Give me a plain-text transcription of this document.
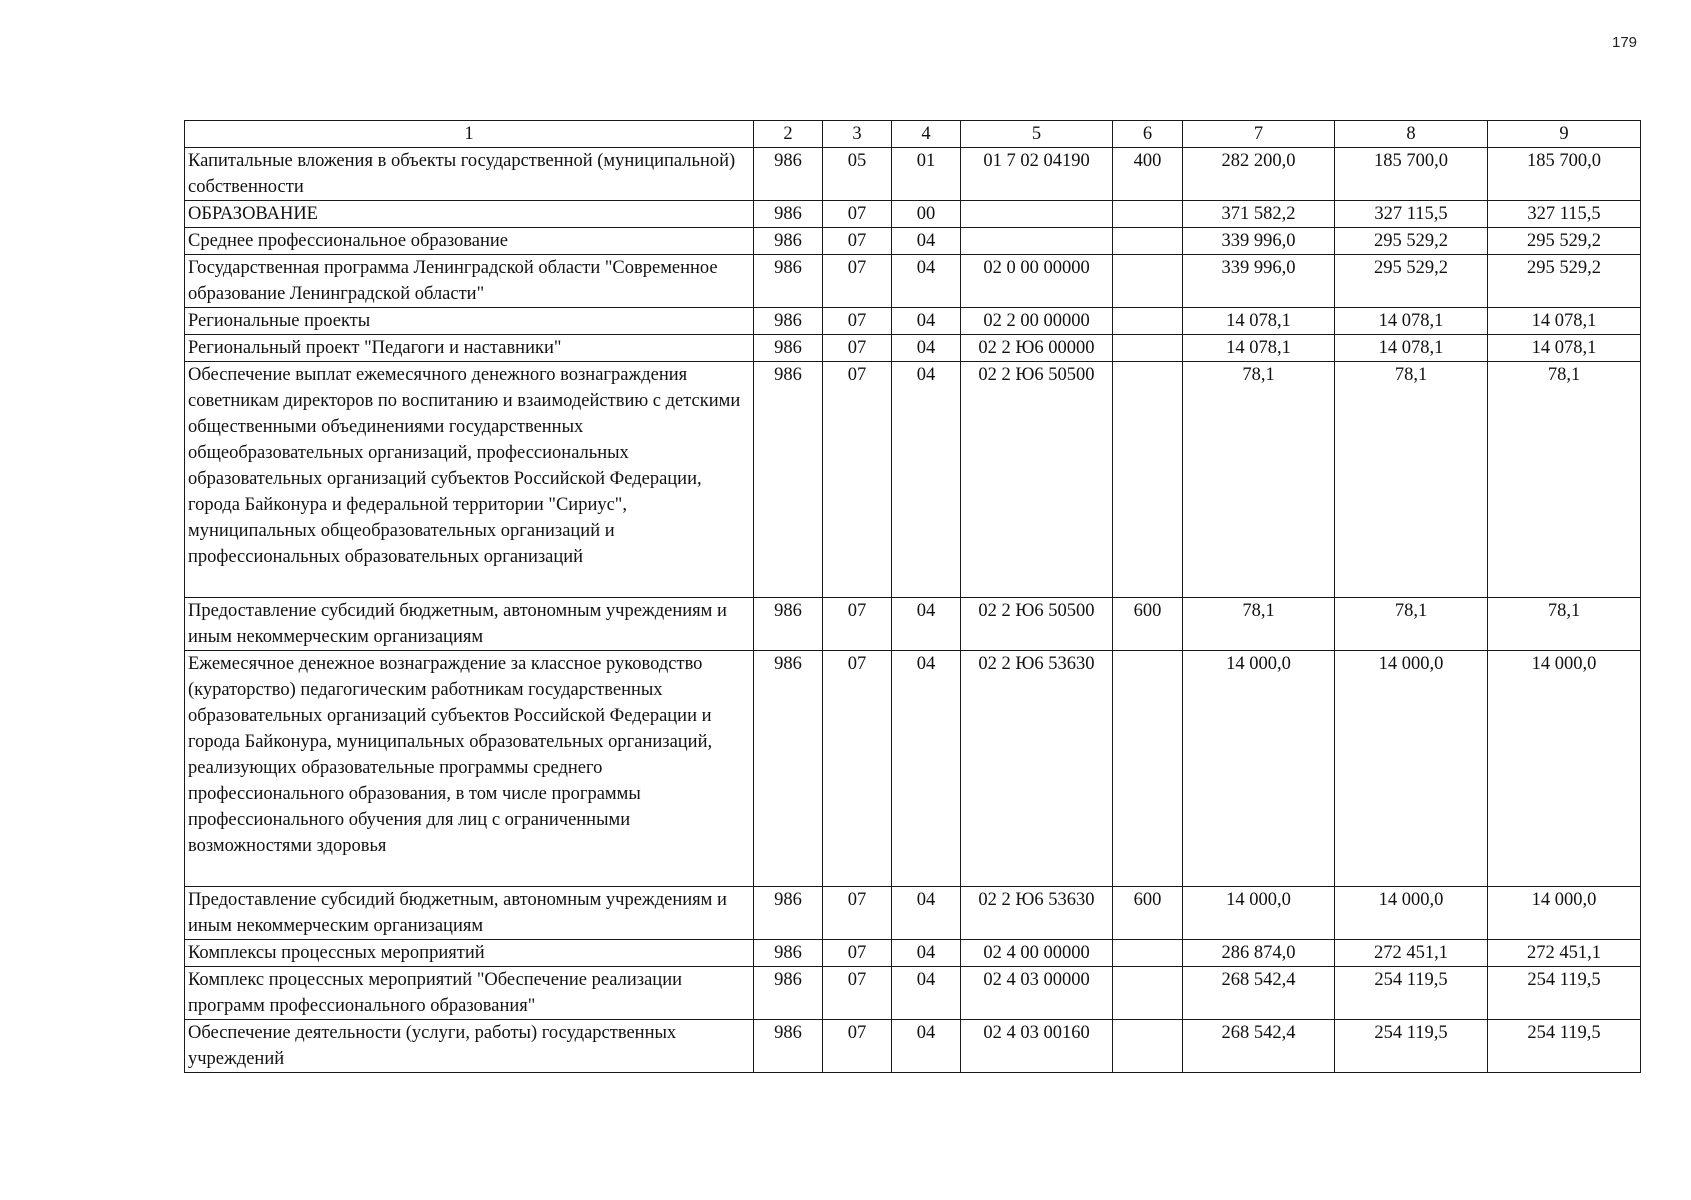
179
1	2	3	4	5	6	7	8	9
Капитальные вложения в объекты государственной (муниципальной) собственности	986	05	01	01 7 02 04190	400	282 200,0	185 700,0	185 700,0
ОБРАЗОВАНИЕ	986	07	00			371 582,2	327 115,5	327 115,5
Среднее профессиональное образование	986	07	04			339 996,0	295 529,2	295 529,2
Государственная программа Ленинградской области "Современное образование Ленинградской области"	986	07	04	02 0 00 00000		339 996,0	295 529,2	295 529,2
Региональные проекты	986	07	04	02 2 00 00000		14 078,1	14 078,1	14 078,1
Региональный проект "Педагоги и наставники"	986	07	04	02 2 Ю6 00000		14 078,1	14 078,1	14 078,1
Обеспечение выплат ежемесячного денежного вознаграждения советникам директоров по воспитанию и взаимодействию с детскими общественными объединениями государственных общеобразовательных организаций, профессиональных образовательных организаций субъектов Российской Федерации, города Байконура и федеральной территории "Сириус", муниципальных общеобразовательных организаций и профессиональных образовательных организаций	986	07	04	02 2 Ю6 50500		78,1	78,1	78,1
Предоставление субсидий бюджетным, автономным учреждениям и иным некоммерческим организациям	986	07	04	02 2 Ю6 50500	600	78,1	78,1	78,1
Ежемесячное денежное вознаграждение за классное руководство (кураторство) педагогическим работникам государственных образовательных организаций субъектов Российской Федерации и города Байконура, муниципальных образовательных организаций, реализующих образовательные программы среднего профессионального образования, в том числе программы профессионального обучения для лиц с ограниченными возможностями здоровья	986	07	04	02 2 Ю6 53630		14 000,0	14 000,0	14 000,0
Предоставление субсидий бюджетным, автономным учреждениям и иным некоммерческим организациям	986	07	04	02 2 Ю6 53630	600	14 000,0	14 000,0	14 000,0
Комплексы процессных мероприятий	986	07	04	02 4 00 00000		286 874,0	272 451,1	272 451,1
Комплекс процессных мероприятий "Обеспечение реализации программ профессионального образования"	986	07	04	02 4 03 00000		268 542,4	254 119,5	254 119,5
Обеспечение деятельности (услуги, работы) государственных учреждений	986	07	04	02 4 03 00160		268 542,4	254 119,5	254 119,5
